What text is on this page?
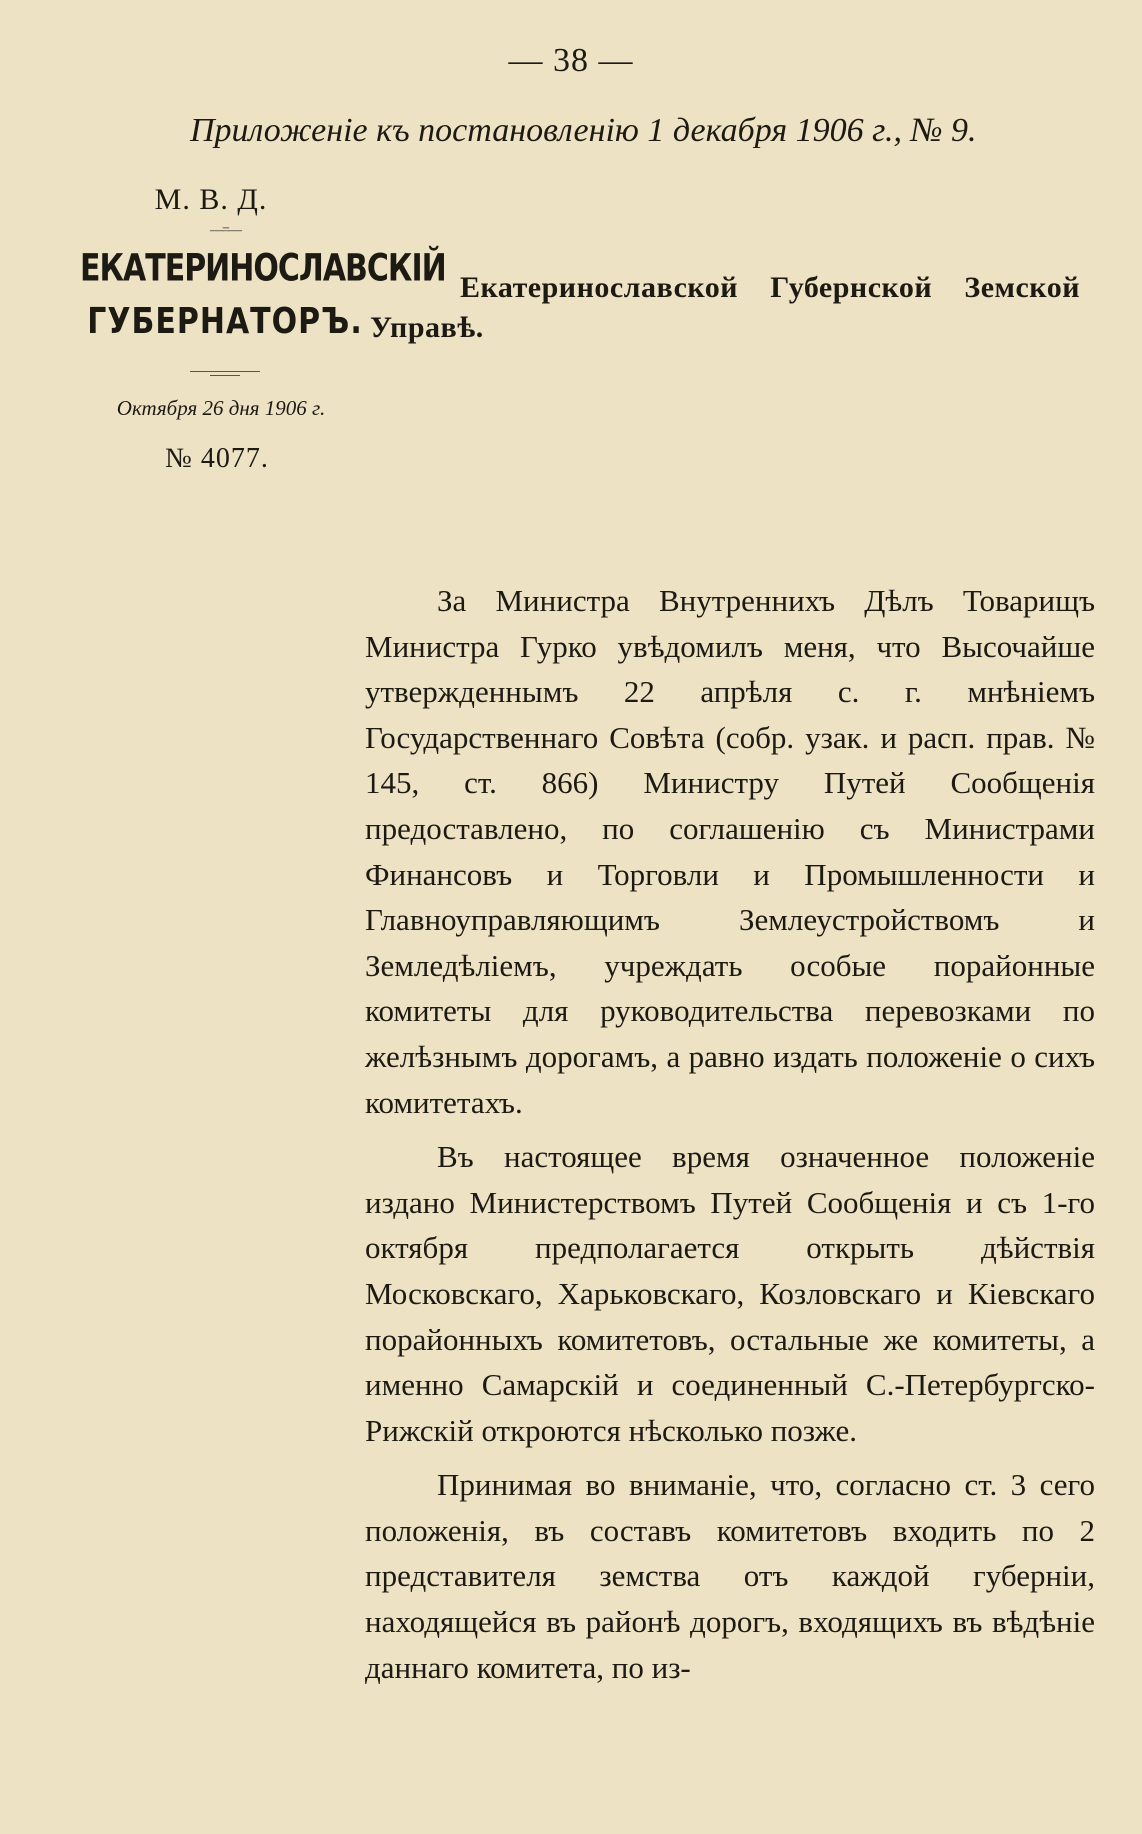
— 38 —
Приложеніе къ постановленію 1 декабря 1906 г., № 9.
М. В. Д.
—=—
ЕКАТЕРИНОСЛАВСКІЙ
ГУБЕРНАТОРЪ.
Октября 26 дня 1906 г.
№ 4077.
Екатеринославской Губернской Земской Управѣ.

За Министра Внутреннихъ Дѣлъ Товарищъ Министра Гурко увѣдомилъ меня, что Высочайше утвержденнымъ 22 апрѣля с. г. мнѣніемъ Государственнаго Совѣта (собр. узак. и расп. прав. № 145, ст. 866) Министру Путей Сообщенія предоставлено, по соглашенію съ Министрами Финансовъ и Торговли и Промышленности и Главноуправляющимъ Землеустройствомъ и Земледѣліемъ, учреждать особые порайонные комитеты для руководительства перевозками по желѣзнымъ дорогамъ, а равно издать положеніе о сихъ комитетахъ.

Въ настоящее время означенное положеніе издано Министерствомъ Путей Сообщенія и съ 1-го октября предполагается открыть дѣйствія Московскаго, Харьковскаго, Козловскаго и Кіевскаго порайонныхъ комитетовъ, остальные же комитеты, а именно Самарскій и соединенный С.-Петербургско-Рижскій откроются нѣсколько позже.

Принимая во вниманіе, что, согласно ст. 3 сего положенія, въ составъ комитетовъ входить по 2 представителя земства отъ каждой губерніи, находящейся въ районѣ дорогъ, входящихъ въ вѣдѣніе даннаго комитета, по из-
